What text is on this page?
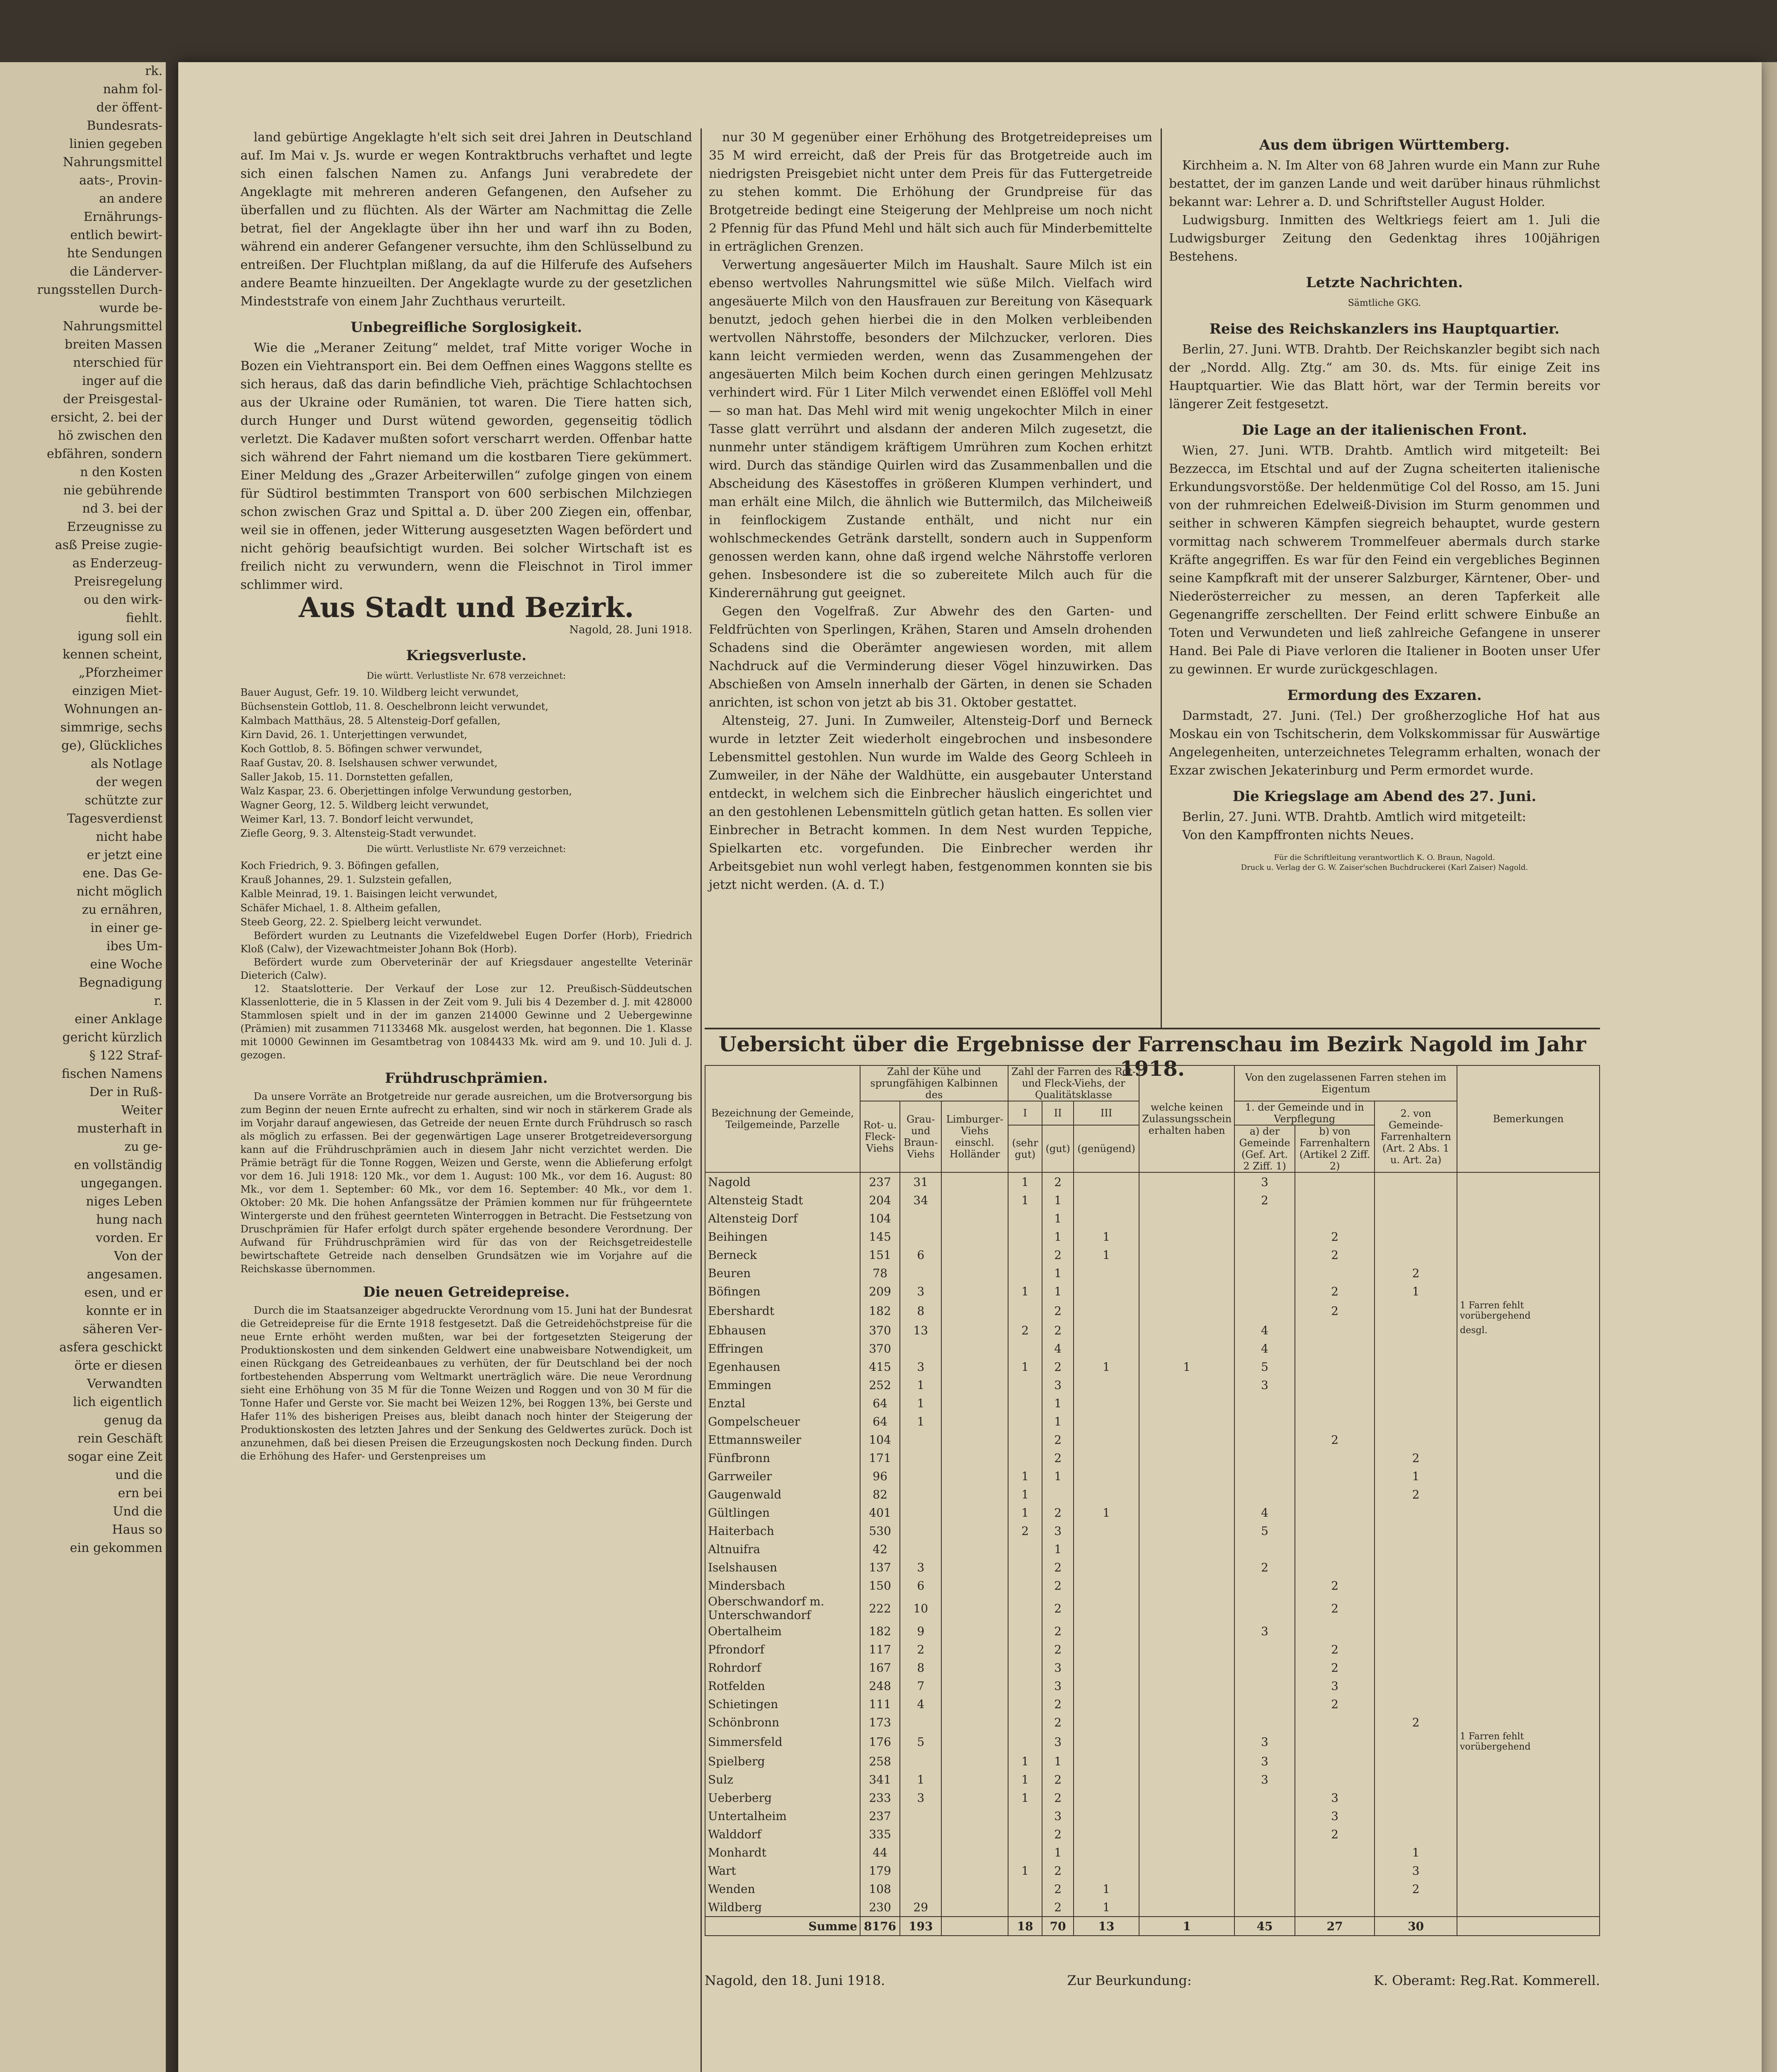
rk.

nahm fol-

der öffent-

Bundesrats-

linien gegeben

Nahrungsmittel

aats-, Provin-

an andere

Ernährungs-

entlich bewirt-

hte Sendungen

die Länderver-

rungsstellen Durch-

wurde be-

Nahrungsmittel

breiten Massen

nterschied für

inger auf die

der Preisgestal-

ersicht, 2. bei der

hö zwischen den

ebfähren, sondern

n den Kosten

nie gebührende

nd 3. bei der

Erzeugnisse zu

asß Preise zugie-

as Enderzeug-

Preisregelung

ou den wirk-

fiehlt.

igung soll ein

kennen scheint,

„Pforzheimer

einzigen Miet-

Wohnungen an-

simmrige, sechs

ge), Glückliches

als Notlage

der wegen

schützte zur

Tagesverdienst

nicht habe

er jetzt eine

ene. Das Ge-

nicht möglich

zu ernähren,

in einer ge-

ibes Um-

eine Woche

Begnadigung

r.

einer Anklage

gericht kürzlich

§ 122 Straf-

fischen Namens

Der in Ruß-

Weiter

musterhaft in

zu ge-

en vollständig

ungegangen.

niges Leben

hung nach

vorden. Er

Von der

angesamen.

esen, und er

konnte er in

säheren Ver-

asfera geschickt

örte er diesen

Verwandten

lich eigentlich

genug da

rein Geschäft

sogar eine Zeit

und die

ern bei

Und die

Haus so

ein gekommen

land gebürtige Angeklagte h'elt sich seit drei Jahren in Deutschland auf. Im Mai v. Js. wurde er wegen Kontraktbruchs verhaftet und legte sich einen falschen Namen zu. Anfangs Juni verabredete der Angeklagte mit mehreren anderen Gefangenen, den Aufseher zu überfallen und zu flüchten. Als der Wärter am Nachmittag die Zelle betrat, fiel der Angeklagte über ihn her und warf ihn zu Boden, während ein anderer Gefangener versuchte, ihm den Schlüsselbund zu entreißen. Der Fluchtplan mißlang, da auf die Hilferufe des Aufsehers andere Beamte hinzueilten. Der Angeklagte wurde zu der gesetzlichen Mindeststrafe von einem Jahr Zuchthaus verurteilt.

Unbegreifliche Sorglosigkeit.

Wie die „Meraner Zeitung“ meldet, traf Mitte voriger Woche in Bozen ein Viehtransport ein. Bei dem Oeffnen eines Waggons stellte es sich heraus, daß das darin befindliche Vieh, prächtige Schlachtochsen aus der Ukraine oder Rumänien, tot waren. Die Tiere hatten sich, durch Hunger und Durst wütend geworden, gegenseitig tödlich verletzt. Die Kadaver mußten sofort verscharrt werden. Offenbar hatte sich während der Fahrt niemand um die kostbaren Tiere gekümmert. Einer Meldung des „Grazer Arbeiterwillen“ zufolge gingen von einem für Südtirol bestimmten Transport von 600 serbischen Milchziegen schon zwischen Graz und Spittal a. D. über 200 Ziegen ein, offenbar, weil sie in offenen, jeder Witterung ausgesetzten Wagen befördert und nicht gehörig beaufsichtigt wurden. Bei solcher Wirtschaft ist es freilich nicht zu verwundern, wenn die Fleischnot in Tirol immer schlimmer wird.

Aus Stadt und Bezirk.
Nagold, 28. Juni 1918.
Kriegsverluste.
Die württ. Verlustliste Nr. 678 verzeichnet:
Bauer August, Gefr. 19. 10. Wildberg leicht verwundet,
Büchsenstein Gottlob, 11. 8. Oeschelbronn leicht verwundet,
Kalmbach Matthäus, 28. 5 Altensteig-Dorf gefallen,
Kirn David, 26. 1. Unterjettingen verwundet,
Koch Gottlob, 8. 5. Böfingen schwer verwundet,
Raaf Gustav, 20. 8. Iselshausen schwer verwundet,
Saller Jakob, 15. 11. Dornstetten gefallen,
Walz Kaspar, 23. 6. Oberjettingen infolge Verwundung gestorben,
Wagner Georg, 12. 5. Wildberg leicht verwundet,
Weimer Karl, 13. 7. Bondorf leicht verwundet,
Ziefle Georg, 9. 3. Altensteig-Stadt verwundet.
Die württ. Verlustliste Nr. 679 verzeichnet:
Koch Friedrich, 9. 3. Böfingen gefallen,
Krauß Johannes, 29. 1. Sulzstein gefallen,
Kalble Meinrad, 19. 1. Baisingen leicht verwundet,
Schäfer Michael, 1. 8. Altheim gefallen,
Steeb Georg, 22. 2. Spielberg leicht verwundet.

Befördert wurden zu Leutnants die Vizefeldwebel Eugen Dorfer (Horb), Friedrich Kloß (Calw), der Vizewachtmeister Johann Bok (Horb).

Befördert wurde zum Oberveterinär der auf Kriegsdauer angestellte Veterinär Dieterich (Calw).

12. Staatslotterie. Der Verkauf der Lose zur 12. Preußisch-Süddeutschen Klassenlotterie, die in 5 Klassen in der Zeit vom 9. Juli bis 4 Dezember d. J. mit 428000 Stammlosen spielt und in der im ganzen 214000 Gewinne und 2 Uebergewinne (Prämien) mit zusammen 71133468 Mk. ausgelost werden, hat begonnen. Die 1. Klasse mit 10000 Gewinnen im Gesamtbetrag von 1084433 Mk. wird am 9. und 10. Juli d. J. gezogen.

Frühdruschprämien.

Da unsere Vorräte an Brotgetreide nur gerade ausreichen, um die Brotversorgung bis zum Beginn der neuen Ernte aufrecht zu erhalten, sind wir noch in stärkerem Grade als im Vorjahr darauf angewiesen, das Getreide der neuen Ernte durch Frühdrusch so rasch als möglich zu erfassen. Bei der gegenwärtigen Lage unserer Brotgetreideversorgung kann auf die Frühdruschprämien auch in diesem Jahr nicht verzichtet werden. Die Prämie beträgt für die Tonne Roggen, Weizen und Gerste, wenn die Ablieferung erfolgt vor dem 16. Juli 1918: 120 Mk., vor dem 1. August: 100 Mk., vor dem 16. August: 80 Mk., vor dem 1. September: 60 Mk., vor dem 16. September: 40 Mk., vor dem 1. Oktober: 20 Mk. Die hohen Anfangssätze der Prämien kommen nur für frühgeerntete Wintergerste und den frühest geernteten Winterroggen in Betracht. Die Festsetzung von Druschprämien für Hafer erfolgt durch später ergehende besondere Verordnung. Der Aufwand für Frühdruschprämien wird für das von der Reichsgetreidestelle bewirtschaftete Getreide nach denselben Grundsätzen wie im Vorjahre auf die Reichskasse übernommen.

Die neuen Getreidepreise.

Durch die im Staatsanzeiger abgedruckte Verordnung vom 15. Juni hat der Bundesrat die Getreidepreise für die Ernte 1918 festgesetzt. Daß die Getreidehöchstpreise für die neue Ernte erhöht werden mußten, war bei der fortgesetzten Steigerung der Produktionskosten und dem sinkenden Geldwert eine unabweisbare Notwendigkeit, um einen Rückgang des Getreideanbaues zu verhüten, der für Deutschland bei der noch fortbestehenden Absperrung vom Weltmarkt unerträglich wäre. Die neue Verordnung sieht eine Erhöhung von 35 M für die Tonne Weizen und Roggen und von 30 M für die Tonne Hafer und Gerste vor. Sie macht bei Weizen 12%, bei Roggen 13%, bei Gerste und Hafer 11% des bisherigen Preises aus, bleibt danach noch hinter der Steigerung der Produktionskosten des letzten Jahres und der Senkung des Geldwertes zurück. Doch ist anzunehmen, daß bei diesen Preisen die Erzeugungskosten noch Deckung finden. Durch die Erhöhung des Hafer- und Gerstenpreises um

nur 30 M gegenüber einer Erhöhung des Brotgetreidepreises um 35 M wird erreicht, daß der Preis für das Brotgetreide auch im niedrigsten Preisgebiet nicht unter dem Preis für das Futtergetreide zu stehen kommt. Die Erhöhung der Grundpreise für das Brotgetreide bedingt eine Steigerung der Mehlpreise um noch nicht 2 Pfennig für das Pfund Mehl und hält sich auch für Minderbemittelte in erträglichen Grenzen.

Verwertung angesäuerter Milch im Haushalt. Saure Milch ist ein ebenso wertvolles Nahrungsmittel wie süße Milch. Vielfach wird angesäuerte Milch von den Hausfrauen zur Bereitung von Käsequark benutzt, jedoch gehen hierbei die in den Molken verbleibenden wertvollen Nährstoffe, besonders der Milchzucker, verloren. Dies kann leicht vermieden werden, wenn das Zusammengehen der angesäuerten Milch beim Kochen durch einen geringen Mehlzusatz verhindert wird. Für 1 Liter Milch verwendet einen Eßlöffel voll Mehl — so man hat. Das Mehl wird mit wenig ungekochter Milch in einer Tasse glatt verrührt und alsdann der anderen Milch zugesetzt, die nunmehr unter ständigem kräftigem Umrühren zum Kochen erhitzt wird. Durch das ständige Quirlen wird das Zusammenballen und die Abscheidung des Käsestoffes in größeren Klumpen verhindert, und man erhält eine Milch, die ähnlich wie Buttermilch, das Milcheiweiß in feinflockigem Zustande enthält, und nicht nur ein wohlschmeckendes Getränk darstellt, sondern auch in Suppenform genossen werden kann, ohne daß irgend welche Nährstoffe verloren gehen. Insbesondere ist die so zubereitete Milch auch für die Kinderernährung gut geeignet.

Gegen den Vogelfraß. Zur Abwehr des den Garten- und Feldfrüchten von Sperlingen, Krähen, Staren und Amseln drohenden Schadens sind die Oberämter angewiesen worden, mit allem Nachdruck auf die Verminderung dieser Vögel hinzuwirken. Das Abschießen von Amseln innerhalb der Gärten, in denen sie Schaden anrichten, ist schon von jetzt ab bis 31. Oktober gestattet.

Altensteig, 27. Juni. In Zumweiler, Altensteig-Dorf und Berneck wurde in letzter Zeit wiederholt eingebrochen und insbesondere Lebensmittel gestohlen. Nun wurde im Walde des Georg Schleeh in Zumweiler, in der Nähe der Waldhütte, ein ausgebauter Unterstand entdeckt, in welchem sich die Einbrecher häuslich eingerichtet und an den gestohlenen Lebensmitteln gütlich getan hatten. Es sollen vier Einbrecher in Betracht kommen. In dem Nest wurden Teppiche, Spielkarten etc. vorgefunden. Die Einbrecher werden ihr Arbeitsgebiet nun wohl verlegt haben, festgenommen konnten sie bis jetzt nicht werden. (A. d. T.)

Aus dem übrigen Württemberg.

Kirchheim a. N. Im Alter von 68 Jahren wurde ein Mann zur Ruhe bestattet, der im ganzen Lande und weit darüber hinaus rühmlichst bekannt war: Lehrer a. D. und Schriftsteller August Holder.

Ludwigsburg. Inmitten des Weltkriegs feiert am 1. Juli die Ludwigsburger Zeitung den Gedenktag ihres 100jährigen Bestehens.

Letzte Nachrichten.
Sämtliche GKG.
Reise des Reichskanzlers ins Hauptquartier.

Berlin, 27. Juni. WTB. Drahtb. Der Reichskanzler begibt sich nach der „Nordd. Allg. Ztg.“ am 30. ds. Mts. für einige Zeit ins Hauptquartier. Wie das Blatt hört, war der Termin bereits vor längerer Zeit festgesetzt.

Die Lage an der italienischen Front.

Wien, 27. Juni. WTB. Drahtb. Amtlich wird mitgeteilt: Bei Bezzecca, im Etschtal und auf der Zugna scheiterten italienische Erkundungsvorstöße. Der heldenmütige Col del Rosso, am 15. Juni von der ruhmreichen Edelweiß-Division im Sturm genommen und seither in schweren Kämpfen siegreich behauptet, wurde gestern vormittag nach schwerem Trommelfeuer abermals durch starke Kräfte angegriffen. Es war für den Feind ein vergebliches Beginnen seine Kampfkraft mit der unserer Salzburger, Kärntener, Ober- und Niederösterreicher zu messen, an deren Tapferkeit alle Gegenangriffe zerschellten. Der Feind erlitt schwere Einbuße an Toten und Verwundeten und ließ zahlreiche Gefangene in unserer Hand. Bei Pale di Piave verloren die Italiener in Booten unser Ufer zu gewinnen. Er wurde zurückgeschlagen.

Ermordung des Exzaren.

Darmstadt, 27. Juni. (Tel.) Der großherzogliche Hof hat aus Moskau ein von Tschitscherin, dem Volkskommissar für Auswärtige Angelegenheiten, unterzeichnetes Telegramm erhalten, wonach der Exzar zwischen Jekaterinburg und Perm ermordet wurde.

Die Kriegslage am Abend des 27. Juni.

Berlin, 27. Juni. WTB. Drahtb. Amtlich wird mitgeteilt:

Von den Kampffronten nichts Neues.

Für die Schriftleitung verantwortlich K. O. Braun, Nagold.
Druck u. Verlag der G. W. Zaiser'schen Buchdruckerei (Karl Zaiser) Nagold.
Uebersicht über die Ergebnisse der Farrenschau im Bezirk Nagold im Jahr 1918.
Bezeichnung der Gemeinde, Teilgemeinde, Parzelle	Zahl der Kühe und sprungfähigen Kalbinnen des			Zahl der Farren des Rot- und Fleck-Viehs, der Qualitätsklasse			welche keinen Zulassungsschein erhalten haben	Von den zugelassenen Farren stehen im Eigentum			Bemerkungen
	Rot- u. Fleck-Viehs	Grau- und Braun-Viehs	Limburger- Viehs einschl. Holländer	I	II	III		1. der Gemeinde und in Verpflegung		2. von Gemeinde-Farrenhaltern (Art. 2 Abs. 1 u. Art. 2a)	
				(sehr gut)	(gut)	(genügend)		a) der Gemeinde (Gef. Art. 2 Ziff. 1)	b) von Farrenhaltern (Artikel 2 Ziff. 2)		
Nagold	237	31		1	2			3			
Altensteig Stadt	204	34		1	1			2			
Altensteig Dorf	104				1						
Beihingen	145				1	1			2		
Berneck	151	6			2	1			2		
Beuren	78				1					2	
Böfingen	209	3		1	1				2	1	
Ebershardt	182	8			2				2		1 Farren fehlt vorübergehend
Ebhausen	370	13		2	2			4			desgl.
Effringen	370				4			4			
Egenhausen	415	3		1	2	1	1	5			
Emmingen	252	1			3			3			
Enztal	64	1			1						
Gompelscheuer	64	1			1						
Ettmannsweiler	104				2				2		
Fünfbronn	171				2					2	
Garrweiler	96			1	1					1	
Gaugenwald	82			1						2	
Gültlingen	401			1	2	1		4			
Haiterbach	530			2	3			5			
Altnuifra	42				1						
Iselshausen	137	3			2			2			
Mindersbach	150	6			2				2		
Oberschwandorf m. Unterschwandorf	222	10			2				2		
Obertalheim	182	9			2			3			
Pfrondorf	117	2			2				2		
Rohrdorf	167	8			3				2		
Rotfelden	248	7			3				3		
Schietingen	111	4			2				2		
Schönbronn	173				2					2	
Simmersfeld	176	5			3			3			1 Farren fehlt vorübergehend
Spielberg	258			1	1			3			
Sulz	341	1		1	2			3			
Ueberberg	233	3		1	2				3		
Untertalheim	237				3				3		
Walddorf	335				2				2		
Monhardt	44				1					1	
Wart	179			1	2					3	
Wenden	108				2	1				2	
Wildberg	230	29			2	1					
Summe	8176	193		18	70	13	1	45	27	30	
Nagold, den 18. Juni 1918.	Zur Beurkundung:	K. Oberamt: Reg.Rat. Kommerell.
